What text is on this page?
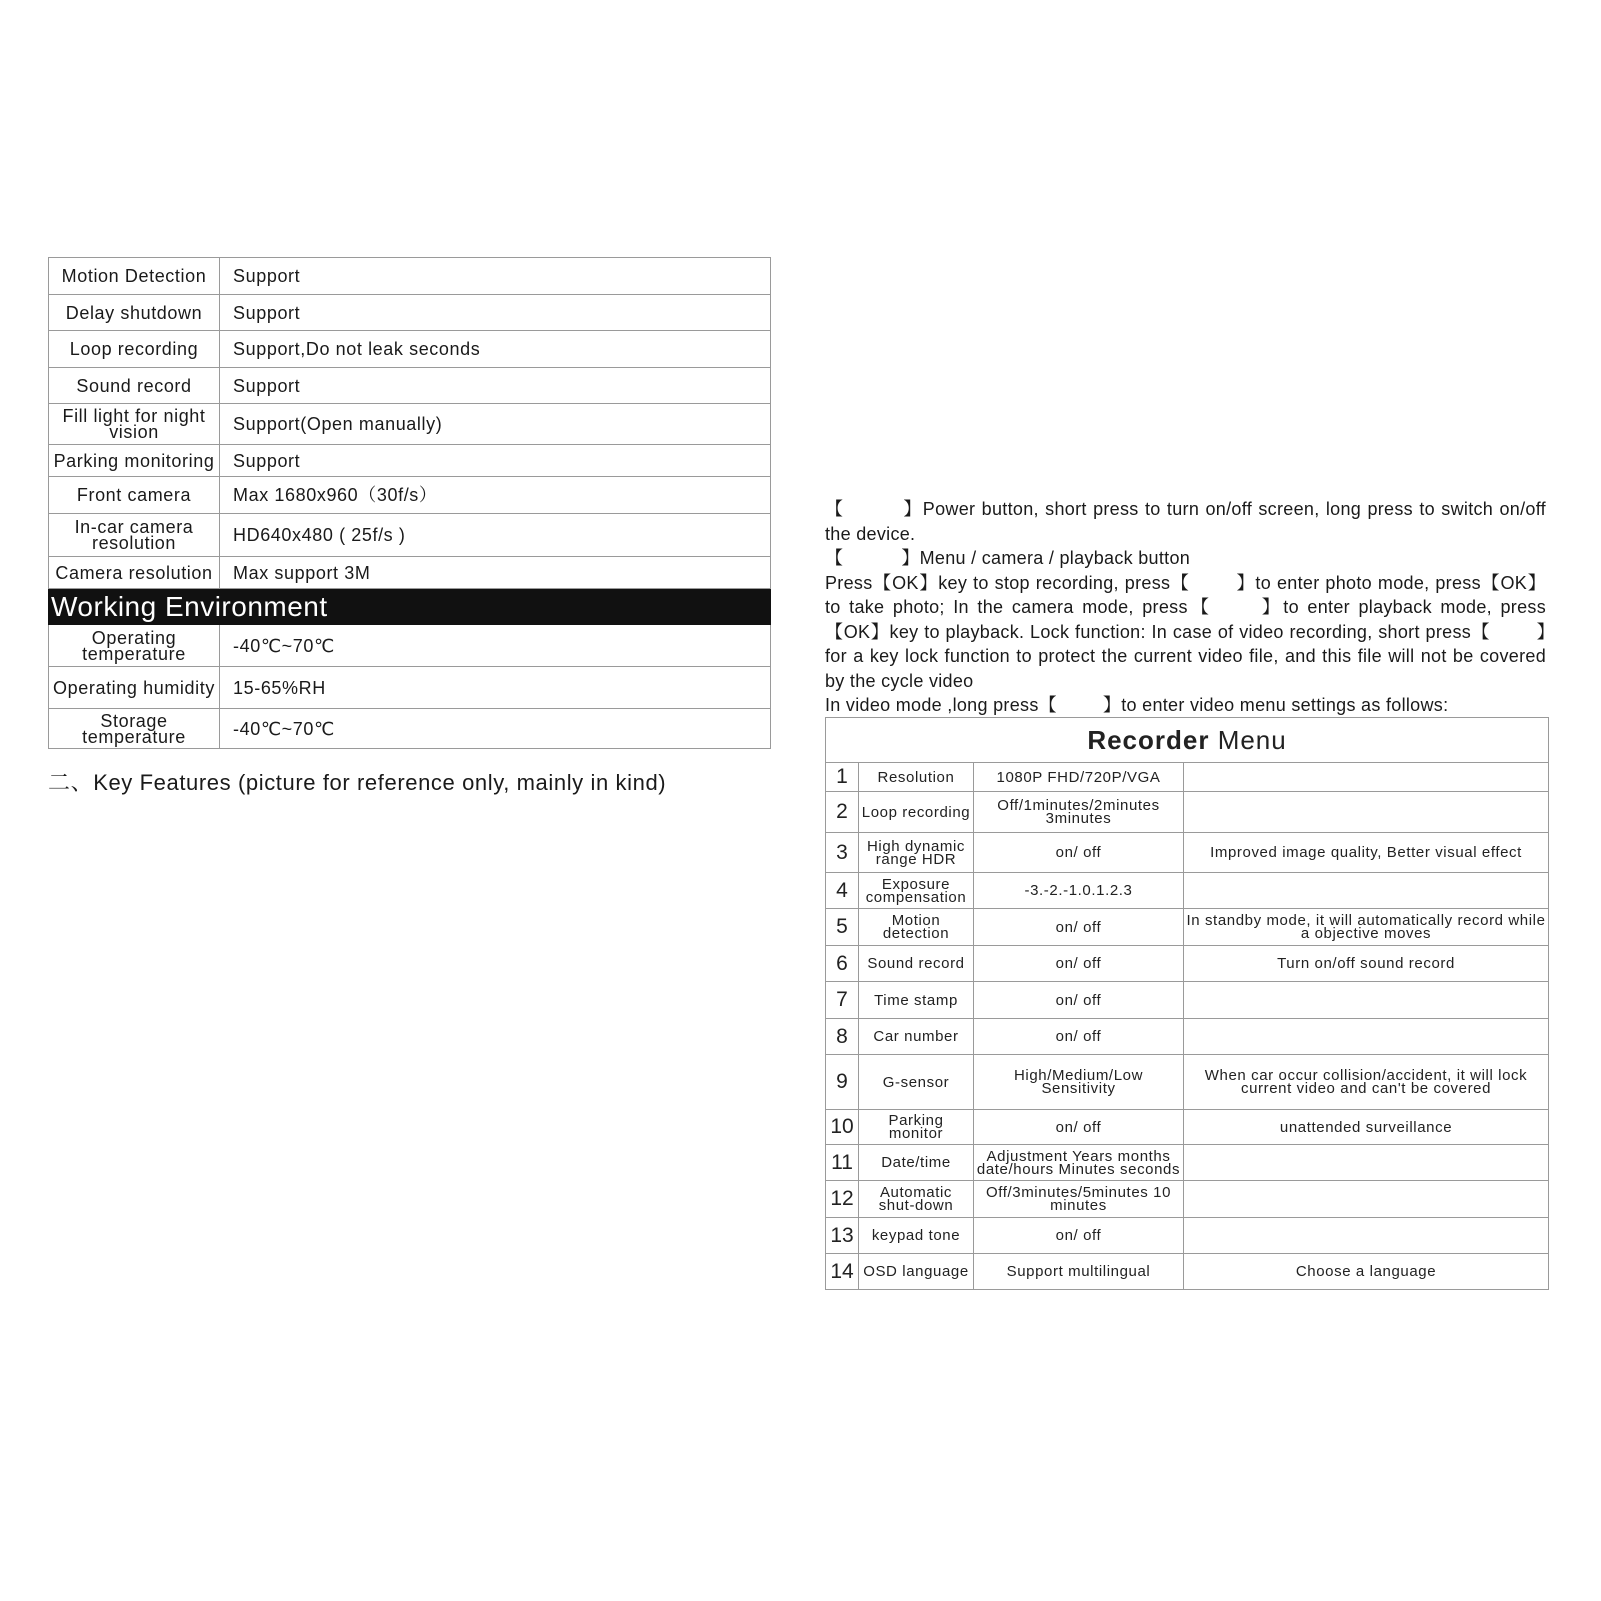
Motion Detection	Support
Delay shutdown	Support
Loop recording	Support,Do not leak seconds
Sound record	Support
Fill light for night vision	Support(Open manually)
Parking monitoring	Support
Front camera	Max 1680x960（30f/s）
In-car camera resolution	HD640x480 ( 25f/s )
Camera resolution	Max support 3M
Working Environment	
Operating temperature	-40℃~70℃
Operating humidity	15-65%RH
Storage temperature	-40℃~70℃
二、Key Features (picture for reference only, mainly in kind)

【	】Power button, short press to turn on/off screen, long press to switch on/off the device.

【	】Menu / camera / playback button

Press【OK】key to stop recording, press【	】to enter photo mode, press【OK】to take photo; In the camera mode, press【	】to enter playback mode, press 【OK】key to playback. Lock function: In case of video recording, short press【	】for a key lock function to protect the current video file, and this file will not be covered by the cycle video

In video mode ,long press【	】to enter video menu settings as follows:

Recorder Menu			
1	Resolution	1080P FHD/720P/VGA	
2	Loop recording	Off/1minutes/2minutes 3minutes	
3	High dynamic range HDR	on/ off	Improved image quality, Better visual effect
4	Exposure compensation	-3.-2.-1.0.1.2.3	
5	Motion detection	on/ off	In standby mode, it will automatically record while a objective moves
6	Sound record	on/ off	Turn on/off sound record
7	Time stamp	on/ off	
8	Car number	on/ off	
9	G-sensor	High/Medium/Low Sensitivity	When car occur collision/accident, it will lock current video and can't be covered
10	Parking monitor	on/ off	unattended surveillance
11	Date/time	Adjustment Years months date/hours Minutes seconds	
12	Automatic shut-down	Off/3minutes/5minutes 10 minutes	
13	keypad tone	on/ off	
14	OSD language	Support multilingual	Choose a language
